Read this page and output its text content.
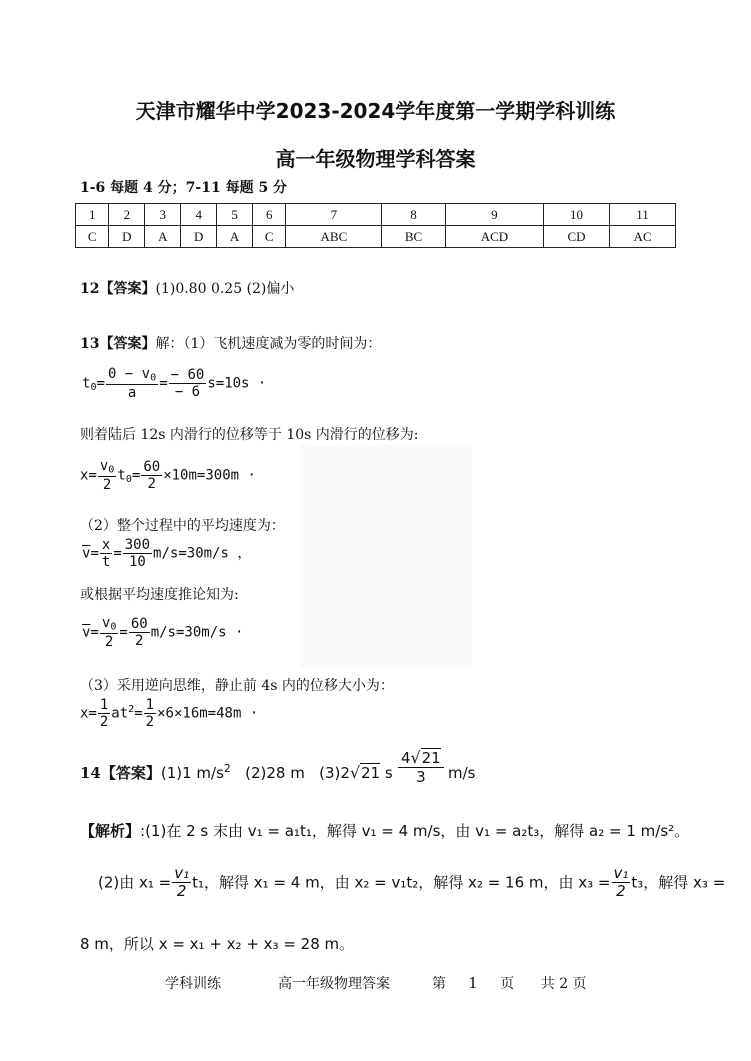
天津市耀华中学2023-2024学年度第一学期学科训练
高一年级物理学科答案
1-6 每题 4 分；7-11 每题 5 分
1	2	3	4	5	6	7	8	9	10	11
C	D	A	D	A	C	ABC	BC	ACD	CD	AC
12【答案】(1)0.80 0.25 (2)偏小
13【答案】解：（1）飞机速度减为零的时间为：
$t_0= \frac{0 - v_0}{a} = \frac{- 60}{- 6} s=10s$ ·
则着陆后 12s 内滑行的位移等于 10s 内滑行的位移为:
$x= \frac{v_0}{2} t_0= \frac{60}{2} \times 10m=300m$ ·
（2）整个过程中的平均速度为：
$\overline{v}= \frac{x}{t} = \frac{300}{10} m/s=30m/s$ ，
或根据平均速度推论知为:
$\overline{v}= \frac{v_0}{2} = \frac{60}{2} m/s=30m/s$ ·
（3）采用逆向思维，静止前 4s 内的位移大小为：
$x= \frac{1}{2} at^2= \frac{1}{2} \times 6\times 16m=48m$ ·
14【答案】(1)1 $m/s^2$ (2)28 m (3)2√21 s $\frac{4√21}{3} m/s$
【解析】:(1)在 2 s 末由 v₁ = a₁t₁，解得 v₁ = 4 m/s，由 v₁ = a₂t₃，解得 a₂ = 1 m/s²。
(2)由 $x_1 = \frac{\text{v₁}}{2} t_1$，解得 x₁ = 4 m，由 x₂ = v₁t₂，解得 x₂ = 16 m，由 $x_3 = \frac{\text{v₁}}{2} t_3$，解得 x₃ =
8 m，所以 x = x₁ + x₂ + x₃ = 28 m。
学科训练	高一年级物理答案	第 1 页 共 2 页
